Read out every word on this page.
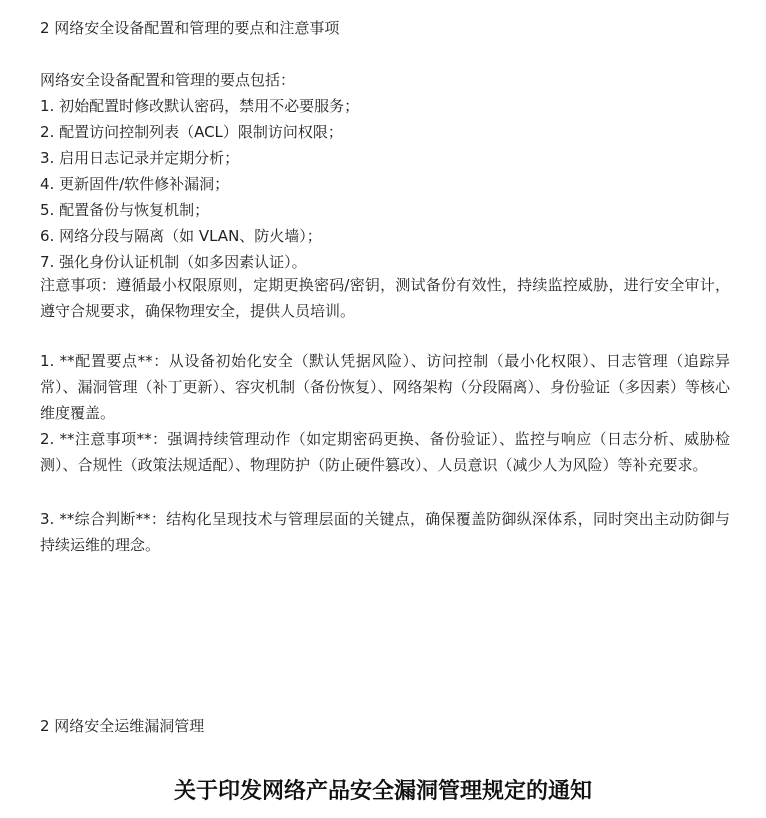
2 网络安全设备配置和管理的要点和注意事项
网络安全设备配置和管理的要点包括：
1. 初始配置时修改默认密码，禁用不必要服务；
2. 配置访问控制列表（ACL）限制访问权限；
3. 启用日志记录并定期分析；
4. 更新固件/软件修补漏洞；
5. 配置备份与恢复机制；
6. 网络分段与隔离（如 VLAN、防火墙）；
7. 强化身份认证机制（如多因素认证）。
注意事项：遵循最小权限原则，定期更换密码/密钥，测试备份有效性，持续监控威胁，进行安全审计，遵守合规要求，确保物理安全，提供人员培训。
1. **配置要点**：从设备初始化安全（默认凭据风险）、访问控制（最小化权限）、日志管理（追踪异常）、漏洞管理（补丁更新）、容灾机制（备份恢复）、网络架构（分段隔离）、身份验证（多因素）等核心维度覆盖。
2. **注意事项**：强调持续管理动作（如定期密码更换、备份验证）、监控与响应（日志分析、威胁检测）、合规性（政策法规适配）、物理防护（防止硬件篡改）、人员意识（减少人为风险）等补充要求。
3. **综合判断**：结构化呈现技术与管理层面的关键点，确保覆盖防御纵深体系，同时突出主动防御与持续运维的理念。
2 网络安全运维漏洞管理
关于印发网络产品安全漏洞管理规定的通知
